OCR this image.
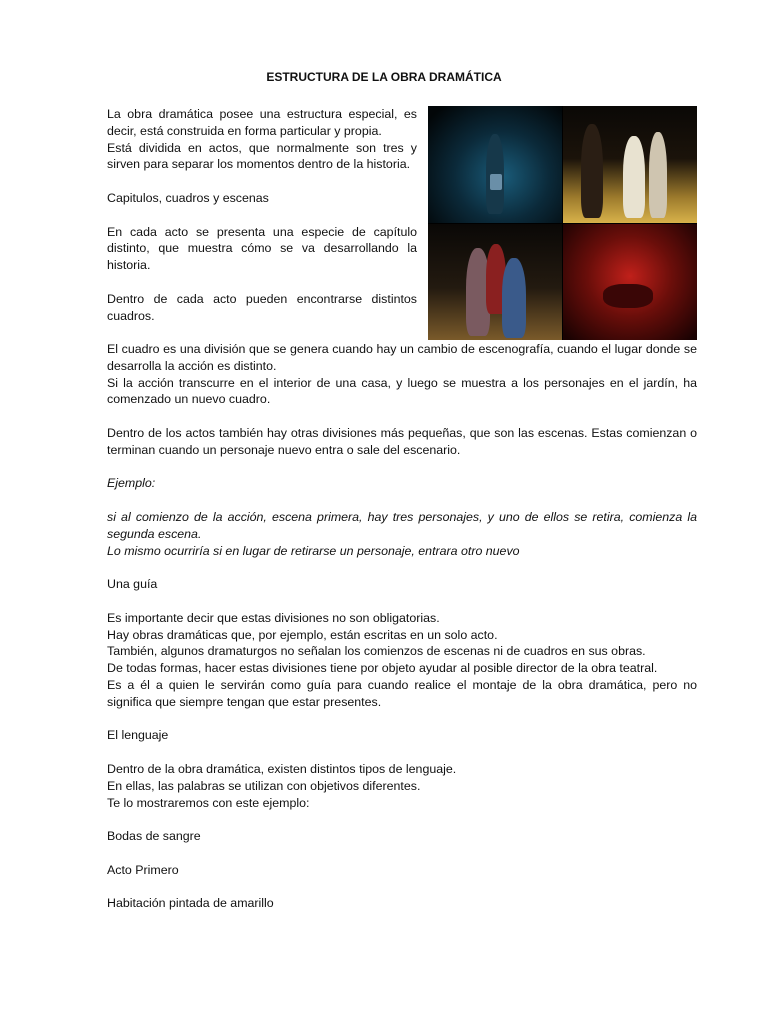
ESTRUCTURA DE LA OBRA DRAMÁTICA

La obra dramática posee una estructura especial, es decir, está construida en forma particular y propia.

Está dividida en actos, que normalmente son tres y sirven para separar los momentos dentro de la historia.

Capitulos, cuadros y escenas

En cada acto se presenta una especie de capítulo distinto, que muestra cómo se va desarrollando la historia.

Dentro de cada acto pueden encontrarse distintos cuadros.

El cuadro es una división que se genera cuando hay un cambio de escenografía, cuando el lugar donde se desarrolla la acción es distinto.

Si la acción transcurre en el interior de una casa, y luego se muestra a los personajes en el jardín, ha comenzado un nuevo cuadro.

Dentro de los actos también hay otras divisiones más pequeñas, que son las escenas. Estas comienzan o terminan cuando un personaje nuevo entra o sale del escenario.

Ejemplo:

si al comienzo de la acción, escena primera, hay tres personajes, y uno de ellos se retira, comienza la segunda escena.

Lo mismo ocurriría si en lugar de retirarse un personaje, entrara otro nuevo

Una guía

Es importante decir que estas divisiones no son obligatorias.

Hay obras dramáticas que, por ejemplo, están escritas en un solo acto.

También, algunos dramaturgos no señalan los comienzos de escenas ni de cuadros en sus obras.

De todas formas, hacer estas divisiones tiene por objeto ayudar al posible director de la obra teatral.

Es a él a quien le servirán como guía para cuando realice el montaje de la obra dramática, pero no significa que siempre tengan que estar presentes.

El lenguaje

Dentro de la obra dramática, existen distintos tipos de lenguaje.

En ellas, las palabras se utilizan con objetivos diferentes.

Te lo mostraremos con este ejemplo:

Bodas de sangre

Acto Primero

Habitación pintada de amarillo
